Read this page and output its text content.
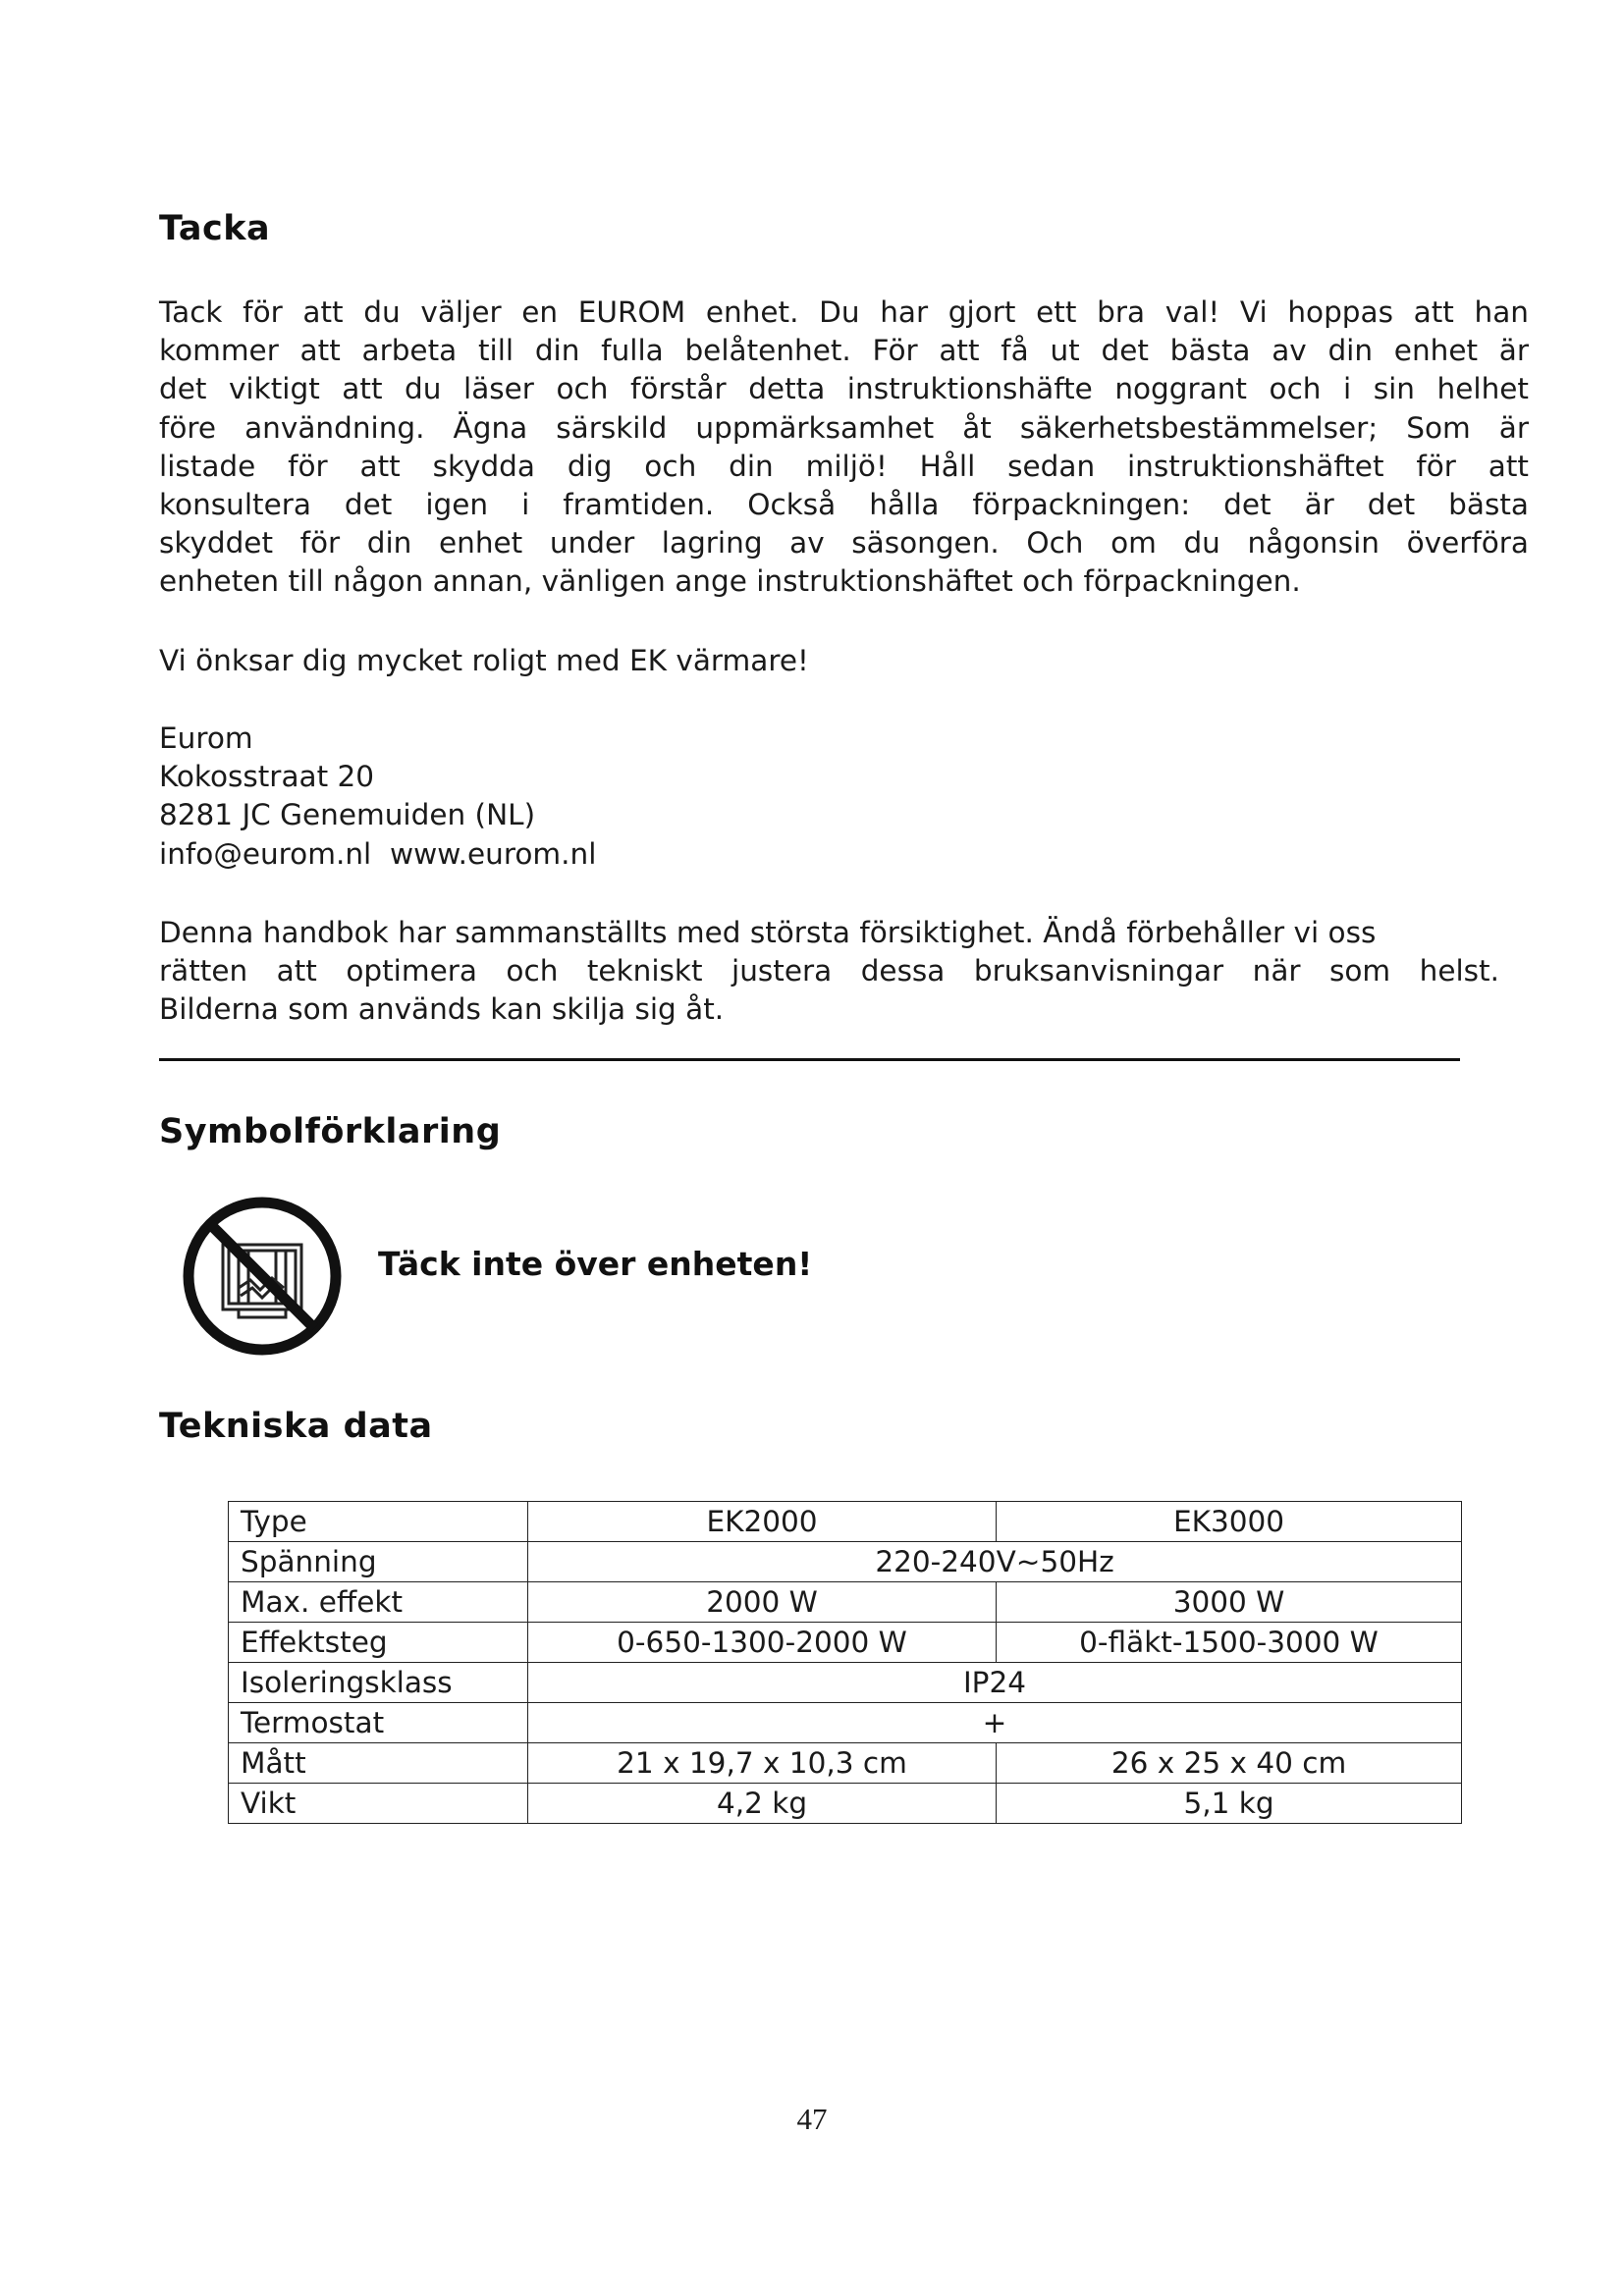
Tacka
Tack för att du väljer en EUROM enhet. Du har gjort ett bra val! Vi hoppas att han
kommer att arbeta till din fulla belåtenhet. För att få ut det bästa av din enhet är
det viktigt att du läser och förstår detta instruktionshäfte noggrant och i sin helhet
före användning. Ägna särskild uppmärksamhet åt säkerhetsbestämmelser; Som är
listade för att skydda dig och din miljö! Håll sedan instruktionshäftet för att
konsultera det igen i framtiden. Också hålla förpackningen: det är det bästa
skyddet för din enhet under lagring av säsongen. Och om du någonsin överföra
enheten till någon annan, vänligen ange instruktionshäftet och förpackningen.

Vi önksar dig mycket roligt med EK värmare!

Eurom
Kokosstraat 20
8281 JC Genemuiden (NL)
info@eurom.nl  www.eurom.nl
Denna handbok har sammanställts med största försiktighet. Ändå förbehåller vi oss
rätten att optimera och tekniskt justera dessa bruksanvisningar när som helst.
Bilderna som används kan skilja sig åt.
Symbolförklaring

Täck inte över enheten!

Tekniska data
Type	EK2000	EK3000
Spänning	220-240V~50Hz	
Max. effekt	2000 W	3000 W
Effektsteg	0-650-1300-2000 W	0-fläkt-1500-3000 W
Isoleringsklass	IP24	
Termostat	+	
Mått	21 x 19,7 x 10,3 cm	26 x 25 x 40 cm
Vikt	4,2 kg	5,1 kg
47
